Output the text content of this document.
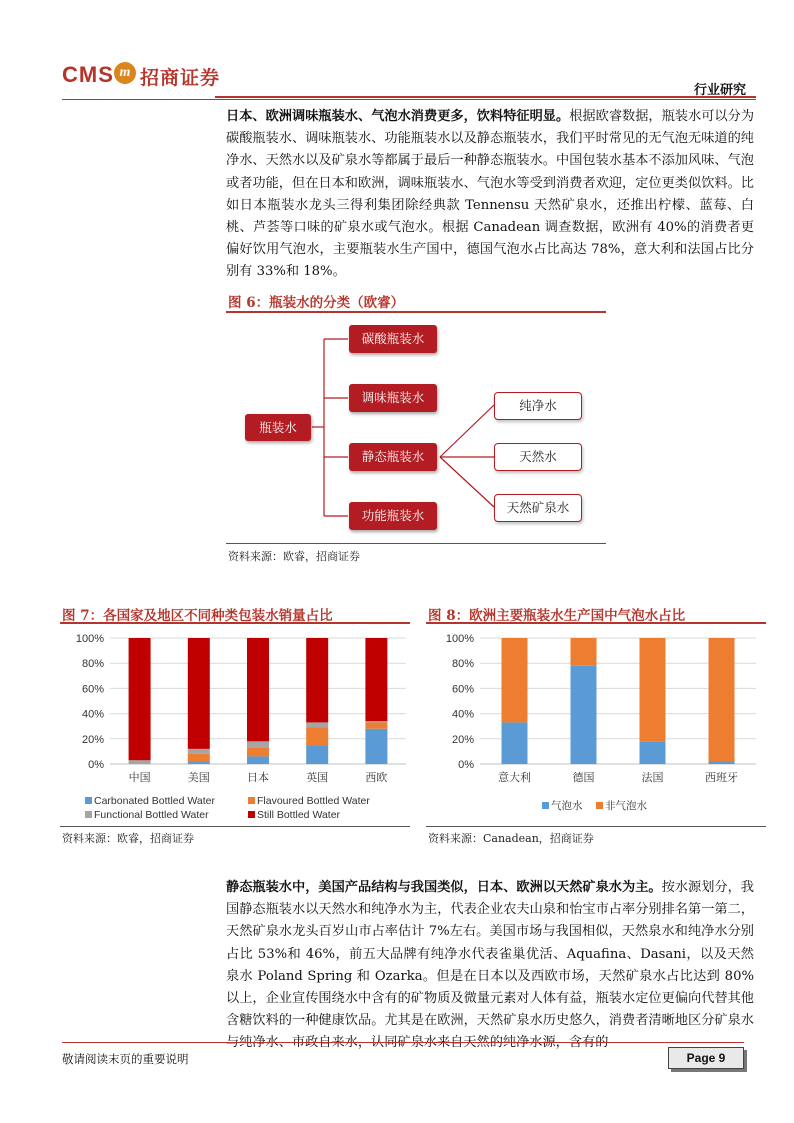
CMS m 招商证券
行业研究
日本、欧洲调味瓶装水、气泡水消费更多，饮料特征明显。根据欧睿数据，瓶装水可以分为碳酸瓶装水、调味瓶装水、功能瓶装水以及静态瓶装水，我们平时常见的无气泡无味道的纯净水、天然水以及矿泉水等都属于最后一种静态瓶装水。中国包装水基本不添加风味、气泡或者功能，但在日本和欧洲，调味瓶装水、气泡水等受到消费者欢迎，定位更类似饮料。比如日本瓶装水龙头三得利集团除经典款 Tennensu 天然矿泉水，还推出柠檬、蓝莓、白桃、芦荟等口味的矿泉水或气泡水。根据 Canadean 调查数据，欧洲有 40%的消费者更偏好饮用气泡水，主要瓶装水生产国中，德国气泡水占比高达 78%，意大利和法国占比分别有 33%和 18%。
图 6：瓶装水的分类（欧睿）
瓶装水
碳酸瓶装水
调味瓶装水
静态瓶装水
功能瓶装水
纯净水
天然水
天然矿泉水
资料来源：欧睿，招商证券
图 7：各国家及地区不同种类包装水销量占比
0%
20%
40%
60%
80%
100%
中国	美国	日本	英国	西欧
Carbonated Bottled Water	Flavoured Bottled Water
Functional Bottled Water	Still Bottled Water
资料来源：欧睿，招商证券
图 8：欧洲主要瓶装水生产国中气泡水占比
0%
20%
40%
60%
80%
100%
意大利	德国	法国	西班牙
气泡水 非气泡水
资料来源：Canadean，招商证券
静态瓶装水中，美国产品结构与我国类似，日本、欧洲以天然矿泉水为主。按水源划分，我国静态瓶装水以天然水和纯净水为主，代表企业农夫山泉和怡宝市占率分别排名第一第二，天然矿泉水龙头百岁山市占率估计 7%左右。美国市场与我国相似，天然泉水和纯净水分别占比 53%和 46%，前五大品牌有纯净水代表雀巢优活、Aquafina、Dasani，以及天然泉水 Poland Spring 和 Ozarka。但是在日本以及西欧市场，天然矿泉水占比达到 80%以上，企业宣传围绕水中含有的矿物质及微量元素对人体有益，瓶装水定位更偏向代替其他含糖饮料的一种健康饮品。尤其是在欧洲，天然矿泉水历史悠久，消费者清晰地区分矿泉水与纯净水、市政自来水，认同矿泉水来自天然的纯净水源，含有的
敬请阅读末页的重要说明	Page 9
